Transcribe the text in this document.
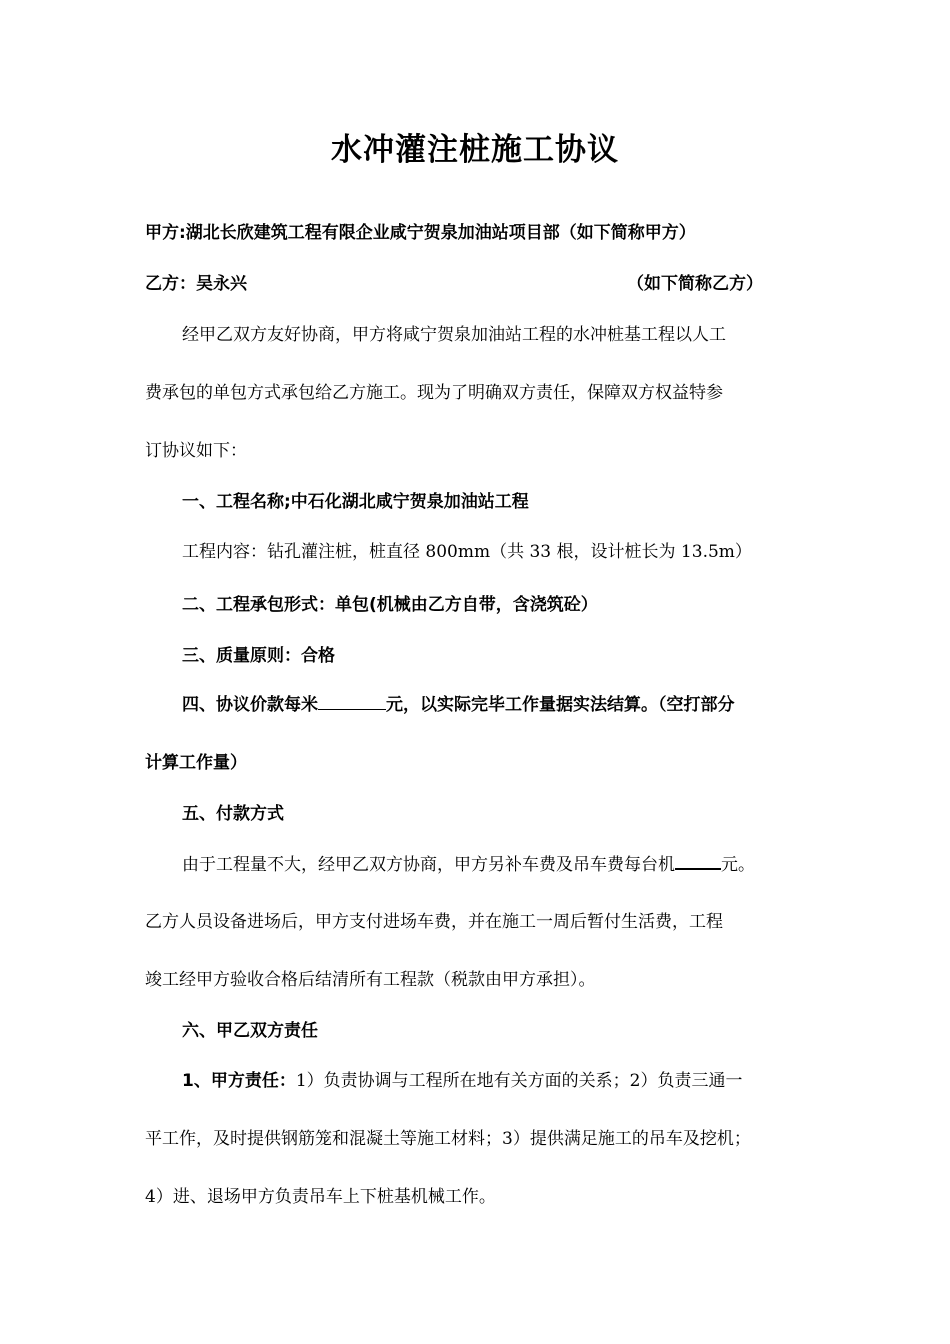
水冲灌注桩施工协议
甲方:湖北长欣建筑工程有限企业咸宁贺泉加油站项目部（如下简称甲方）
乙方：吴永兴	（如下简称乙方）
经甲乙双方友好协商，甲方将咸宁贺泉加油站工程的水冲桩基工程以人工
费承包的单包方式承包给乙方施工。现为了明确双方责任，保障双方权益特参
订协议如下：
一、工程名称;中石化湖北咸宁贺泉加油站工程
工程内容：钻孔灌注桩，桩直径 800mm（共 33 根，设计桩长为 13.5m）
二、工程承包形式：单包(机械由乙方自带，含浇筑砼）
三、质量原则：合格
四、协议价款每米	元，以实际完毕工作量据实法结算。（空打部分
计算工作量）
五、付款方式
由于工程量不大，经甲乙双方协商，甲方另补车费及吊车费每台机	元。
乙方人员设备进场后，甲方支付进场车费，并在施工一周后暂付生活费，工程
竣工经甲方验收合格后结清所有工程款（税款由甲方承担）。
六、甲乙双方责任
1、甲方责任：1）负责协调与工程所在地有关方面的关系；2）负责三通一
平工作，及时提供钢筋笼和混凝土等施工材料；3）提供满足施工的吊车及挖机；
4）进、退场甲方负责吊车上下桩基机械工作。
